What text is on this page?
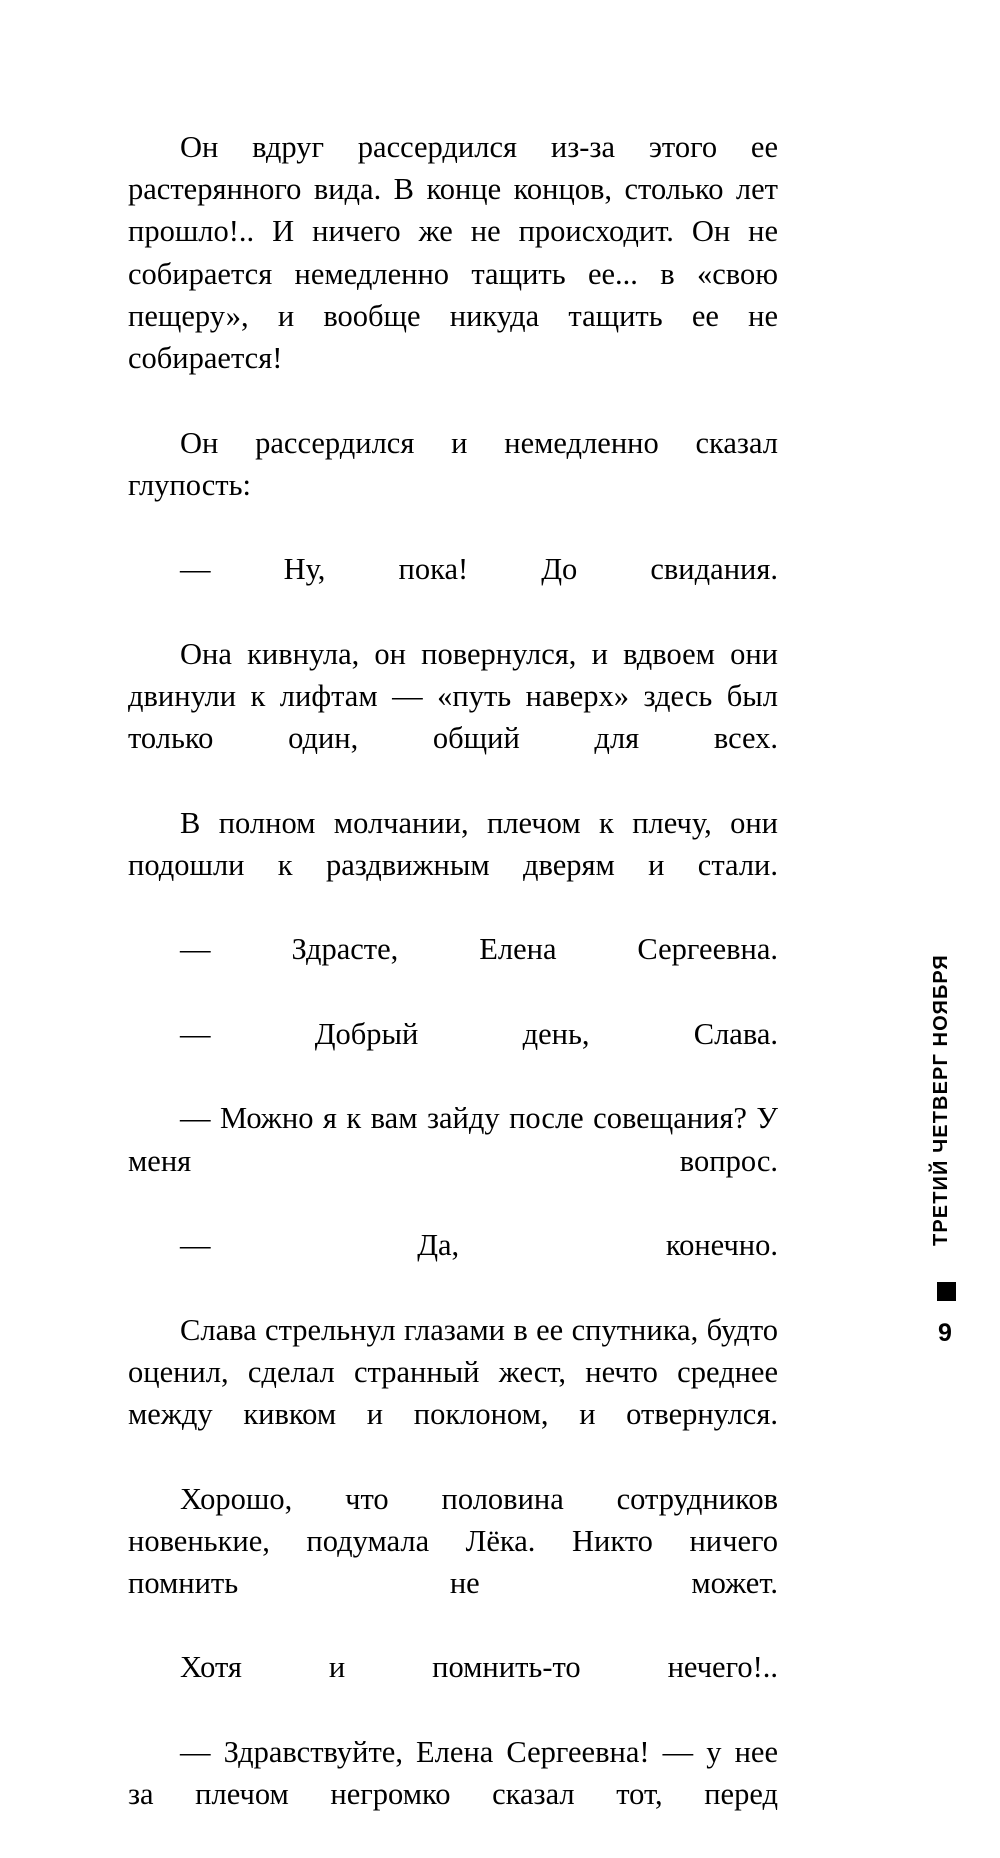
Он вдруг рассердился из-за этого ее растерянного вида. В конце концов, столько лет прошло!.. И ничего же не происходит. Он не собирается немедленно тащить ее... в «свою пещеру», и вообще никуда тащить ее не собирается!

Он рассердился и немедленно сказал глупость:

— Ну, пока! До свидания.

Она кивнула, он повернулся, и вдвоем они двинули к лифтам — «путь наверх» здесь был только один, общий для всех.

В полном молчании, плечом к плечу, они подошли к раздвижным дверям и стали.

— Здрасте, Елена Сергеевна.

— Добрый день, Слава.

— Можно я к вам зайду после совещания? У меня вопрос.

— Да, конечно.

Слава стрельнул глазами в ее спутника, будто оценил, сделал странный жест, нечто среднее между кивком и поклоном, и отвернулся.

Хорошо, что половина сотрудников новенькие, подумала Лёка. Никто ничего помнить не может.

Хотя и помнить-то нечего!..

— Здравствуйте, Елена Сергеевна! — у нее за плечом негромко сказал тот, перед

ТРЕТИЙ ЧЕТВЕРГ НОЯБРЯ
9
